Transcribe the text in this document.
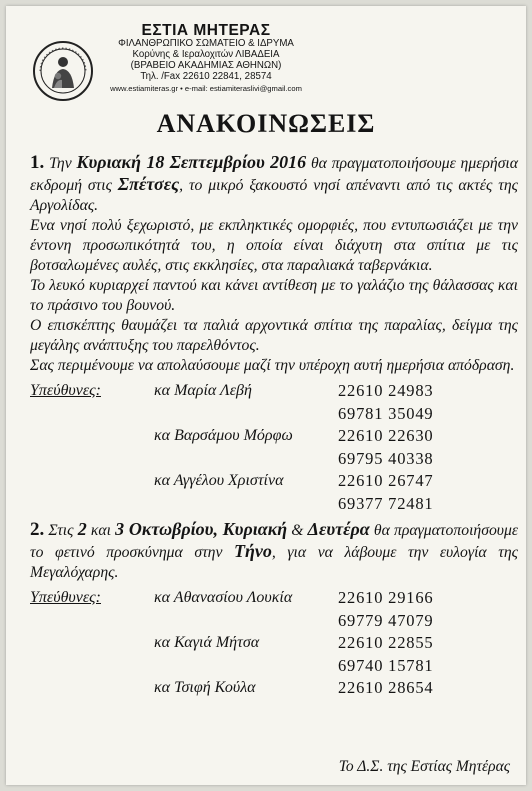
ΕΣΤΙΑ ΜΗΤΕΡΑΣ
ΦΙΛΑΝΘΡΩΠΙΚΟ ΣΩΜΑΤΕΙΟ & ΙΔΡΥΜΑ
Κορύνης & Ιεραλοχιτών ΛΙΒΑΔΕΙΑ
(ΒΡΑΒΕΙΟ ΑΚΑΔΗΜΙΑΣ ΑΘΗΝΩΝ)
Τηλ. /Fax 22610 22841, 28574
www.estiamiteras.gr • e-mail: estiamiteraslivi@gmail.com
ΑΝΑΚΟΙΝΩΣΕΙΣ

1. Την Κυριακή 18 Σεπτεμβρίου 2016 θα πραγματοποιήσουμε ημερήσια εκδρομή στις Σπέτσες, το μικρό ξακουστό νησί απέναντι από τις ακτές της Αργολίδας.

Ενα νησί πολύ ξεχωριστό, με εκπληκτικές ομορφιές, που εντυπωσιάζει με την έντονη προσωπικότητά του, η οποία είναι διάχυτη στα σπίτια με τις βοτσαλωμένες αυλές, στις εκκλησίες, στα παραλιακά ταβερνάκια.

Το λευκό κυριαρχεί παντού και κάνει αντίθεση με το γαλάζιο της θάλασσας και το πράσινο του βουνού.

Ο επισκέπτης θαυμάζει τα παλιά αρχοντικά σπίτια της παραλίας, δείγμα της μεγάλης ανάπτυξης του παρελθόντος.

Σας περιμένουμε να απολαύσουμε μαζί την υπέροχη αυτή ημερήσια απόδραση.

Υπεύθυνες:	κα Μαρία Λεβή	22610 24983
69781 35049
κα Βαρσάμου Μόρφω	22610 22630
69795 40338
κα Αγγέλου Χριστίνα	22610 26747
69377 72481

2. Στις 2 και 3 Οκτωβρίου, Κυριακή & Δευτέρα θα πραγματοποιήσουμε το φετινό προσκύνημα στην Τήνο, για να λάβουμε την ευλογία της Μεγαλόχαρης.

Υπεύθυνες:	κα Αθανασίου Λουκία	22610 29166
69779 47079
κα Καγιά Μήτσα	22610 22855
69740 15781
κα Τσιφή Κούλα	22610 28654
Το Δ.Σ. της Εστίας Μητέρας
